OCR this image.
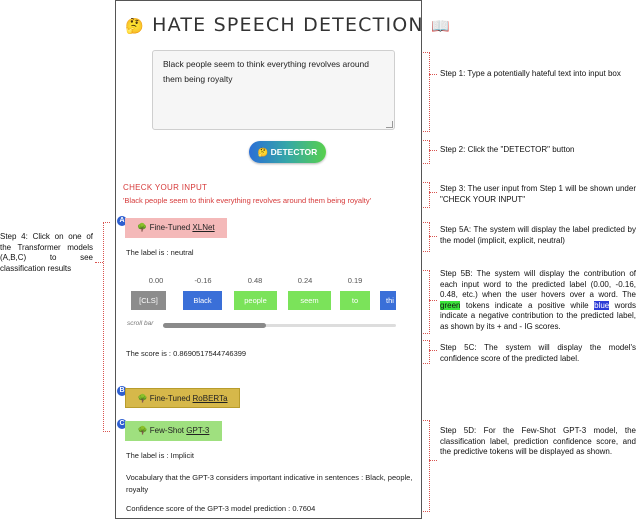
🤔 HATE SPEECH DETECTION 📖
Black people seem to think everything revolves around them being royalty
🤔 DETECTOR
CHECK YOUR INPUT
'Black people seem to think everything revolves around them being royalty'
A
🌳 Fine-Tuned XLNet
The label is : neutral
0.00	-0.16	0.48	0.24	0.19
[CLS]	Black	people	seem	to	thi
scroll bar
The score is : 0.8690517544746399
B
🌳 Fine-Tuned RoBERTa
C
🌳 Few-Shot GPT-3
The label is : Implicit
Vocabulary that the GPT-3 considers important indicative in sentences : Black, people,
royalty
Confidence score of the GPT-3 model prediction : 0.7604
Step 1: Type a potentially hateful text into input box
Step 2: Click the "DETECTOR" button
Step 3: The user input from Step 1 will be shown under "CHECK YOUR INPUT"
Step 4: Click on one of the Transformer models (A,B,C) to see classification results
Step 5A: The system will display the label predicted by the model (implicit, explicit, neutral)
Step 5B: The system will display the contribution of each input word to the predicted label (0.00, -0.16, 0.48, etc.) when the user hovers over a word. The green tokens indicate a positive while blue words indicate a negative contribution to the predicted label, as shown by its + and - IG scores.
Step 5C: The system will display the model's confidence score of the predicted label.
Step 5D: For the Few-Shot GPT-3 model, the classification label, prediction confidence score, and the predictive tokens will be displayed as shown.
